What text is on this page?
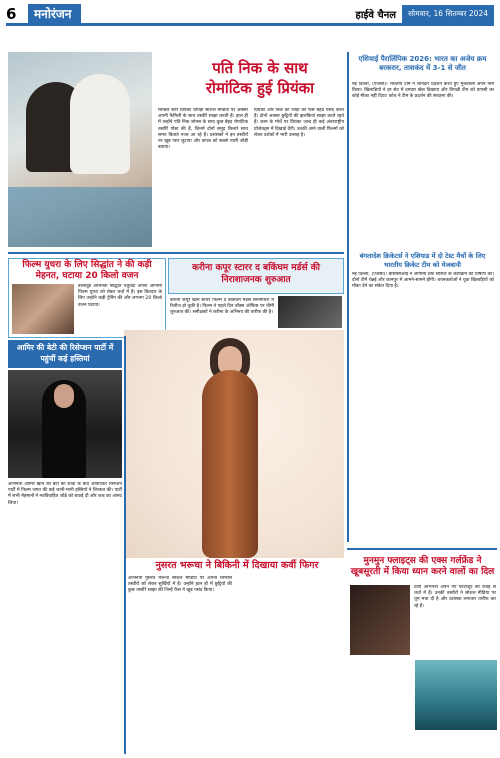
6	मनोरंजन	हाईवे चैनल	सोमवार, 16 सितम्बर 2024
पति निक के साथ
रोमांटिक हुई प्रियंका
ग्लोबल स्टार प्रियंका चोपड़ा सोशल मीडिया पर अक्सर अपनी फैमिली के साथ तस्वीरें साझा करती हैं। हाल ही में उन्होंने पति निक जोनस के साथ कुछ बेहद रोमांटिक तस्वीरें पोस्ट की हैं, जिनमें दोनों समुद्र किनारे साथ समय बिताते नजर आ रहे हैं। प्रशंसकों ने इन तस्वीरों पर खूब प्यार लुटाया और कपल को सबसे प्यारी जोड़ी बताया।
प्रियंका और निक की जोड़ी को फैंस बेहद पसंद करते हैं। दोनों अक्सर छुट्टियों की झलकियां साझा करते रहते हैं। काम के मोर्चे पर प्रियंका जल्द ही कई अंतरराष्ट्रीय प्रोजेक्ट्स में दिखाई देंगी। उनकी आने वाली फिल्मों को लेकर दर्शकों में भारी उत्साह है।
एशियाई पैरालिंपिक 2026: भारत का अजेय क्रम बरकरार, ताशकंद में 3-1 से जीत
नई दिल्ली, (एजेंसी)। भारतीय टीम ने शानदार प्रदर्शन करते हुए मुकाबला अपने नाम किया। खिलाड़ियों ने हर सेट में दमदार खेल दिखाया और विपक्षी टीम को वापसी का कोई मौका नहीं दिया। कोच ने टीम के प्रदर्शन की सराहना की।
बंगलादेश क्रिकेटर्स ने एशियाड में दो टेस्ट मैचों के लिए भारतीय क्रिकेट टीम को मेजबानी
नई दिल्ली, (एजेंसी)। बीसीसीआई ने आगामी टेस्ट सीरीज के कार्यक्रम की घोषणा की। दोनों टीमें चेन्नई और कानपुर में आमने-सामने होंगी। चयनकर्ताओं ने युवा खिलाड़ियों को मौका देने का संकेत दिया है।
फिल्म युधरा के लिए सिद्धांत ने की कड़ी मेहनत, घटाया 20 किलो वजन
बॉलीवुड अभिनेता सिद्धांत चतुर्वेदी अपनी आगामी फिल्म युधरा को लेकर चर्चा में हैं। इस किरदार के लिए उन्होंने कड़ी ट्रेनिंग की और लगभग 20 किलो वजन घटाया।
करीना कपूर स्टारर द बकिंघम मर्डर्स की निराशाजनक शुरुआत
करीना कपूर खान स्टारर फिल्म द बकिंघम मर्डर्स सिनेमाघरों में रिलीज हो चुकी है। फिल्म ने पहले दिन बॉक्स ऑफिस पर धीमी शुरुआत की। समीक्षकों ने करीना के अभिनय की तारीफ की है।
आमिर की बेटी की रिसेप्शन पार्टी में पहुंचीं कई हस्तियां
अभिनेता आमिर खान की बेटी की शादी के बाद आयोजित रिसेप्शन पार्टी में फिल्म जगत की कई जानी-मानी हस्तियों ने शिरकत की। पार्टी में सभी मेहमानों ने नवविवाहित जोड़े को बधाई दी और जश्न का आनंद लिया।
नुसरत भरूचा ने बिकिनी में दिखाया कर्वी फिगर
अभिनेत्री नुसरत भरूचा सोशल मीडिया पर अपनी ग्लैमरस तस्वीरों को लेकर सुर्खियों में हैं। उन्होंने हाल ही में छुट्टियों की कुछ तस्वीरें साझा कीं जिन्हें फैंस ने खूब पसंद किया।
मुनमुन फ्लाइट्स की एक्स गर्लफ्रेंड ने खूबसूरती में किया ध्यान करने वालों का दिल
टीवी अभिनेत्री अपने नए फोटोशूट की वजह से चर्चा में हैं। उनकी तस्वीरों ने सोशल मीडिया पर धूम मचा दी है और प्रशंसक लगातार तारीफ कर रहे हैं।
